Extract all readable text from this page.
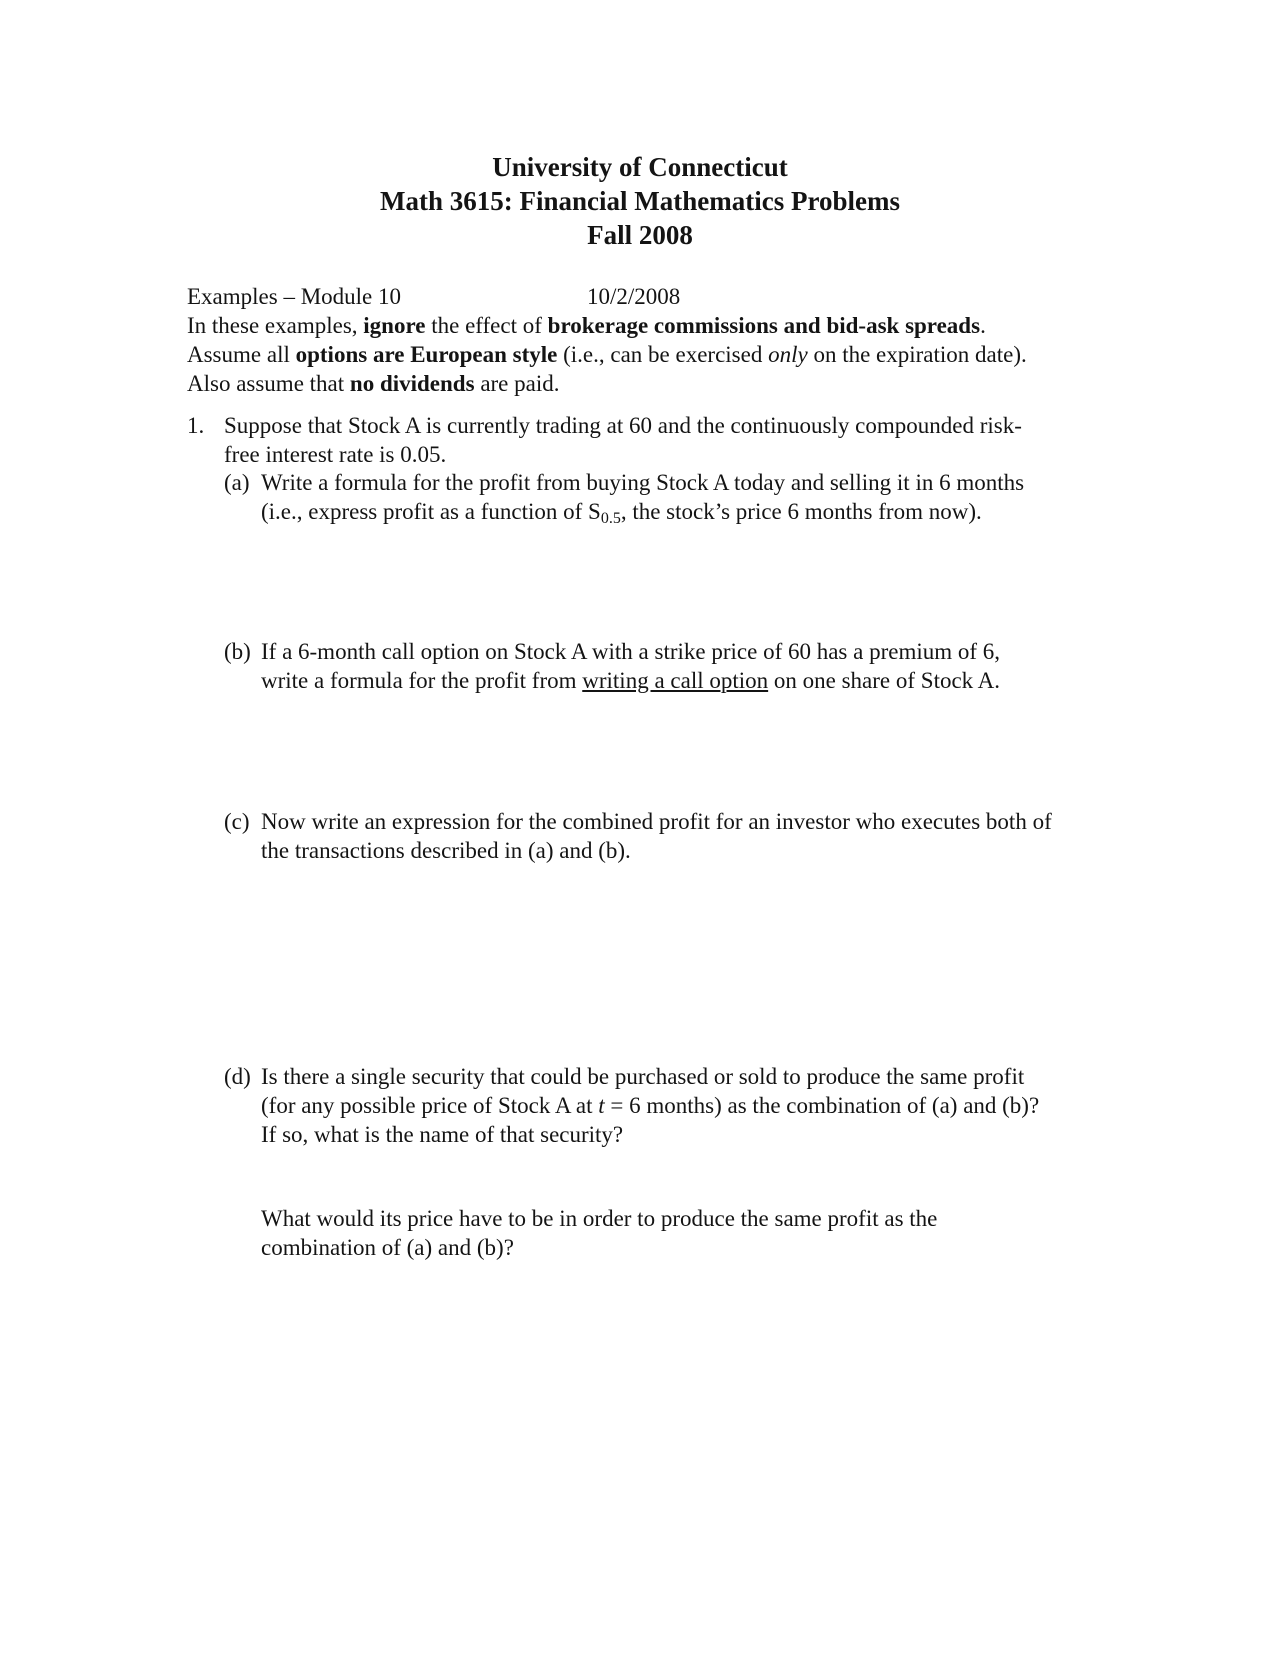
University of Connecticut
Math 3615: Financial Mathematics Problems
Fall 2008
Examples – Module 10	10/2/2008
In these examples, ignore the effect of brokerage commissions and bid-ask spreads.
Assume all options are European style (i.e., can be exercised only on the expiration date).
Also assume that no dividends are paid.
1. Suppose that Stock A is currently trading at 60 and the continuously compounded risk-
free interest rate is 0.05.
(a) Write a formula for the profit from buying Stock A today and selling it in 6 months
(i.e., express profit as a function of $S_{0.5}$, the stock’s price 6 months from now).
(b) If a 6-month call option on Stock A with a strike price of 60 has a premium of 6,
write a formula for the profit from writing a call option on one share of Stock A.
(c) Now write an expression for the combined profit for an investor who executes both of
the transactions described in (a) and (b).
(d) Is there a single security that could be purchased or sold to produce the same profit
(for any possible price of Stock A at t = 6 months) as the combination of (a) and (b)?
If so, what is the name of that security?
What would its price have to be in order to produce the same profit as the
combination of (a) and (b)?
